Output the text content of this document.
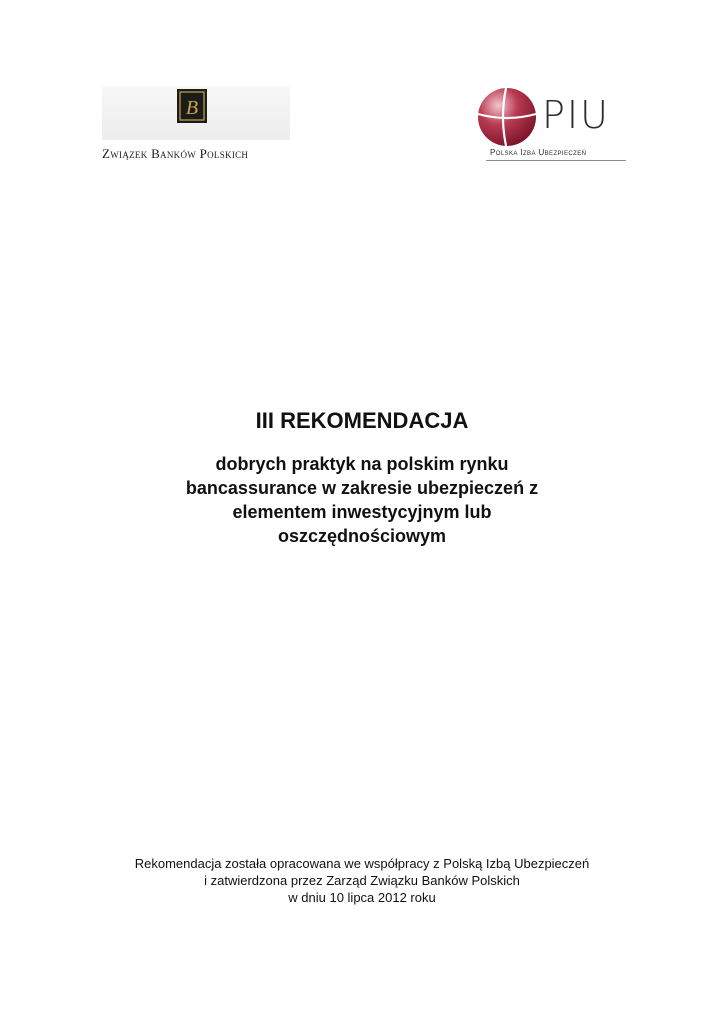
B
Związek Banków Polskich
PIU
Polska Izba Ubezpieczeń
III REKOMENDACJA
dobrych praktyk na polskim rynku
bancassurance w zakresie ubezpieczeń z
elementem inwestycyjnym lub
oszczędnościowym
Rekomendacja została opracowana we współpracy z Polską Izbą Ubezpieczeń
i zatwierdzona przez Zarząd Związku Banków Polskich
w dniu 10 lipca 2012 roku
